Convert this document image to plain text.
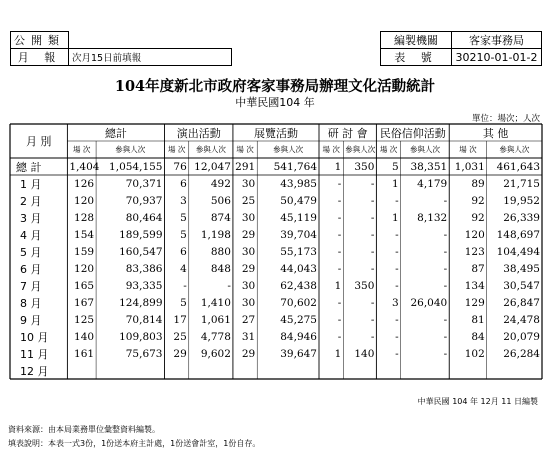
公開類	
月 報	次月15日前填報
編製機關	客家事務局
表 號	30210-01-01-2
104年度新北市政府客家事務局辦理文化活動統計
中華民國104 年
單位：場次；人次
月 別	總計		演出活動		展覽活動		研 討 會		民俗信仰活動		其 他	
	場 次	參與人次	場 次	參與人次	場 次	參與人次	場 次	參與人次	場 次	參與人次	場 次	參與人次
總 計	1,404	1,054,155	76	12,047	291	541,764	1	350	5	38,351	1,031	461,643
1 月	126	70,371	6	492	30	43,985	-	-	1	4,179	89	21,715
2 月	120	70,937	3	506	25	50,479	-	-	-	-	92	19,952
3 月	128	80,464	5	874	30	45,119	-	-	1	8,132	92	26,339
4 月	154	189,599	5	1,198	29	39,704	-	-	-	-	120	148,697
5 月	159	160,547	6	880	30	55,173	-	-	-	-	123	104,494
6 月	120	83,386	4	848	29	44,043	-	-	-	-	87	38,495
7 月	165	93,335	-	-	30	62,438	1	350	-	-	134	30,547
8 月	167	124,899	5	1,410	30	70,602	-	-	3	26,040	129	26,847
9 月	125	70,814	17	1,061	27	45,275	-	-	-	-	81	24,478
10 月	140	109,803	25	4,778	31	84,946	-	-	-	-	84	20,079
11 月	161	75,673	29	9,602	29	39,647	1	140	-	-	102	26,284
12 月												
中華民國 104 年 12月 11 日編製
資料來源：由本局業務單位彙整資料編製。
填表說明：本表一式3份，1份送本府主計處，1份送會計室，1份自存。
